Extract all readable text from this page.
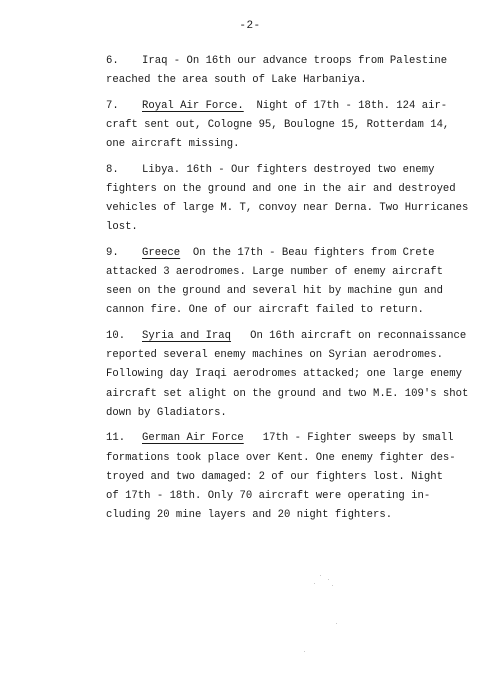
-2-
6. Iraq - On 16th our advance troops from Palestine
reached the area south of Lake Harbaniya.
7. Royal Air Force. Night of 17th - 18th. 124 air-
craft sent out, Cologne 95, Boulogne 15, Rotterdam 14,
one aircraft missing.
8. Libya. 16th - Our fighters destroyed two enemy
fighters on the ground and one in the air and destroyed
vehicles of large M. T, convoy near Derna. Two Hurricanes
lost.
9. Greece On the 17th - Beau fighters from Crete
attacked 3 aerodromes. Large number of enemy aircraft
seen on the ground and several hit by machine gun and
cannon fire. One of our aircraft failed to return.
10. Syria and Iraq On 16th aircraft on reconnaissance
reported several enemy machines on Syrian aerodromes.
Following day Iraqi aerodromes attacked; one large enemy
aircraft set alight on the ground and two M.E. 109's shot
down by Gladiators.
11. German Air Force 17th - Fighter sweeps by small
formations took place over Kent. One enemy fighter des-
troyed and two damaged: 2 of our fighters lost. Night
of 17th - 18th. Only 70 aircraft were operating in-
cluding 20 mine layers and 20 night fighters.
